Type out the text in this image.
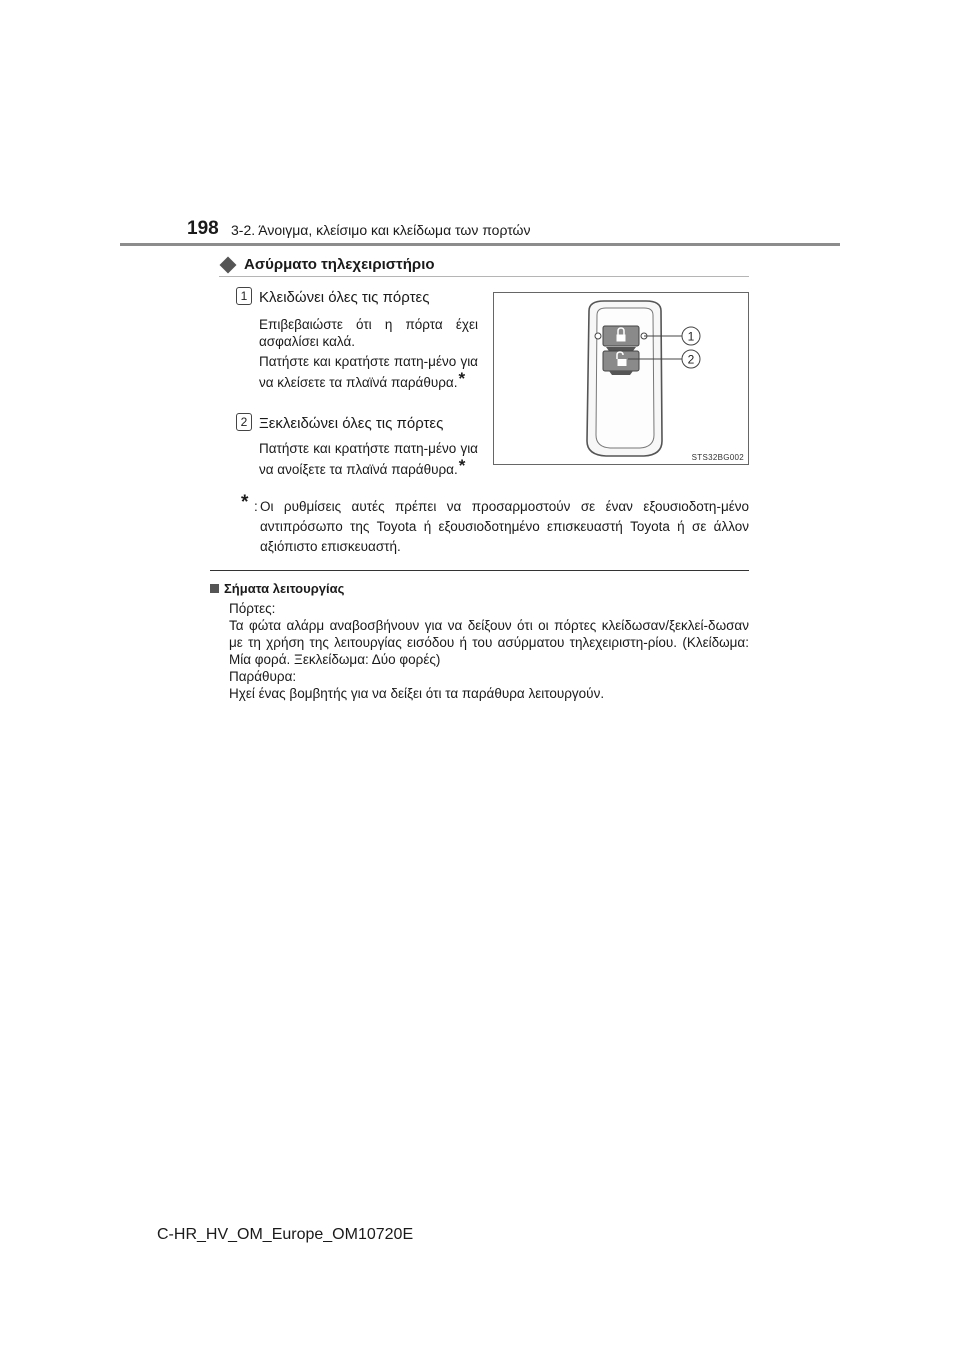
198 3-2. Άνοιγμα, κλείσιμο και κλείδωμα των πορτών
Ασύρματο τηλεχειριστήριο
1 Κλειδώνει όλες τις πόρτες
Επιβεβαιώστε ότι η πόρτα έχει ασφαλίσει καλά.
Πατήστε και κρατήστε πατη-μένο για να κλείσετε τα πλαϊνά παράθυρα.*
2 Ξεκλειδώνει όλες τις πόρτες
Πατήστε και κρατήστε πατη-μένο για να ανοίξετε τα πλαϊνά παράθυρα.*
1
2
STS32BG002
* : Οι ρυθμίσεις αυτές πρέπει να προσαρμοστούν σε έναν εξουσιοδοτη-μένο αντιπρόσωπο της Toyota ή εξουσιοδοτημένο επισκευαστή Toyota ή σε άλλον αξιόπιστο επισκευαστή.
Σήματα λειτουργίας
Πόρτες:
Τα φώτα αλάρμ αναβοσβήνουν για να δείξουν ότι οι πόρτες κλείδωσαν/ξεκλεί-δωσαν με τη χρήση της λειτουργίας εισόδου ή του ασύρματου τηλεχειριστη-ρίου. (Κλείδωμα: Μία φορά. Ξεκλείδωμα: Δύο φορές)
Παράθυρα:
Ηχεί ένας βομβητής για να δείξει ότι τα παράθυρα λειτουργούν.
C-HR_HV_OM_Europe_OM10720E
